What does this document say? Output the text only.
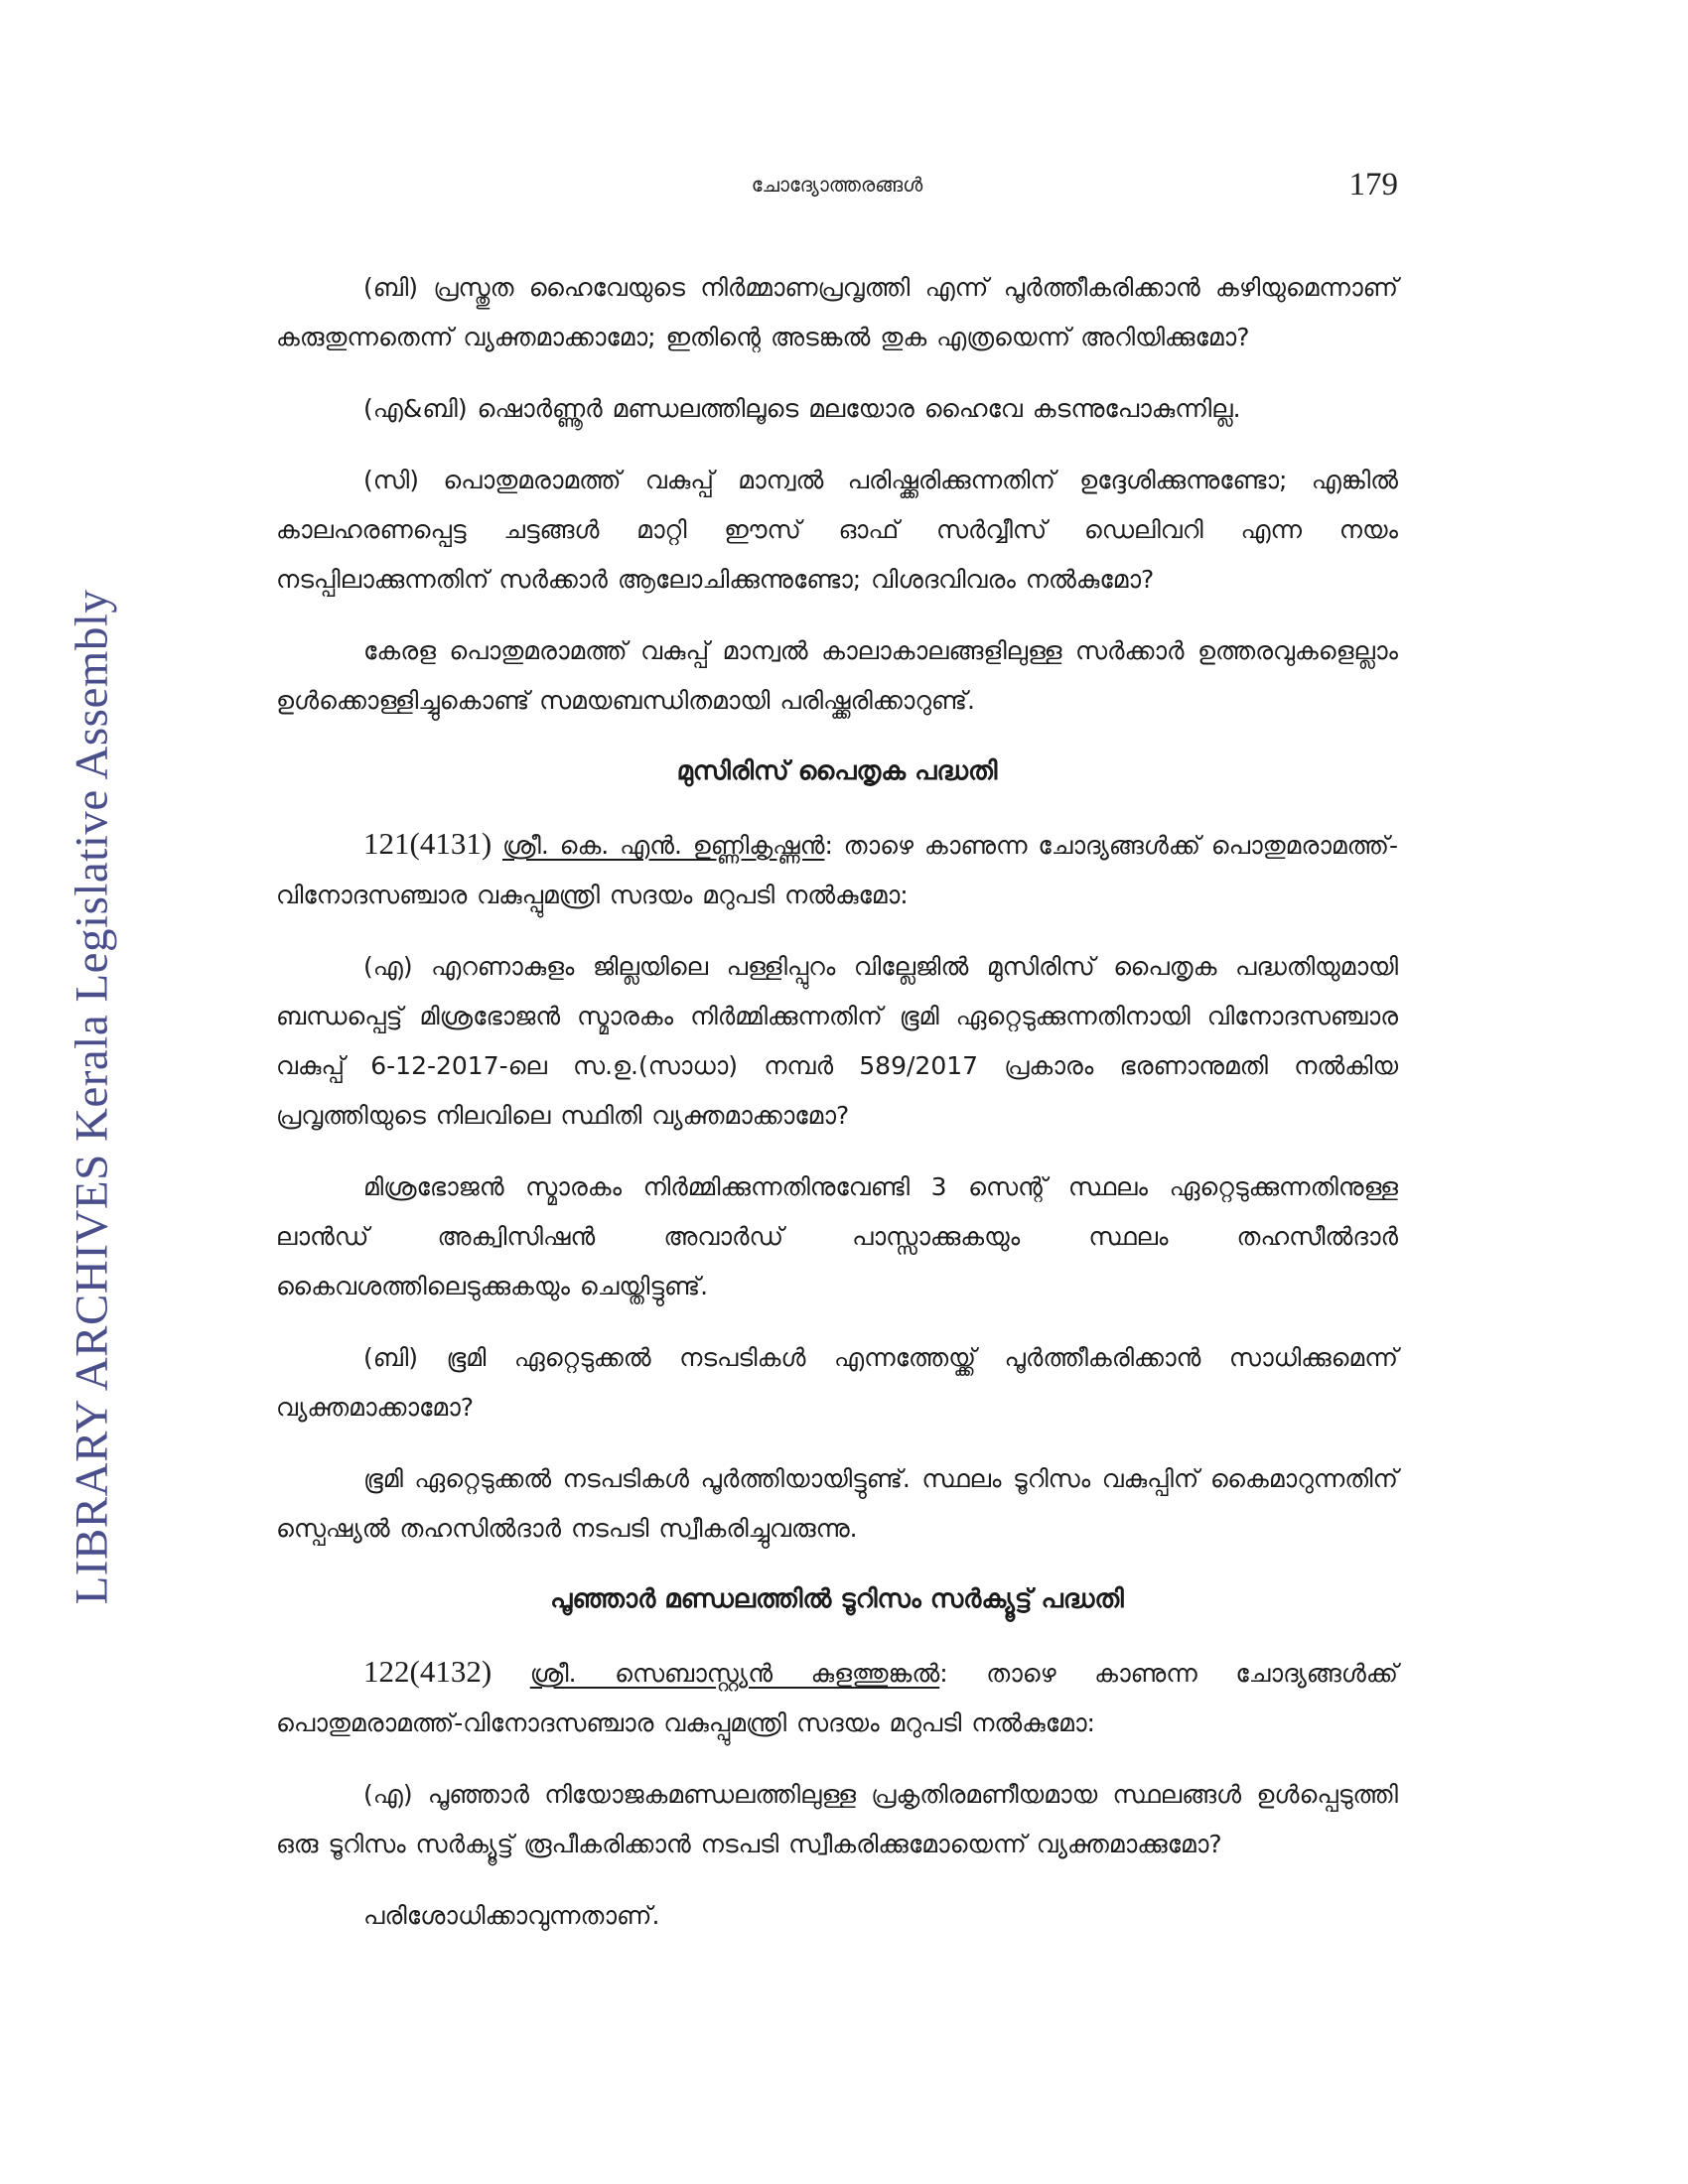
LIBRARY ARCHIVES Kerala Legislative Assembly
ചോദ്യോത്തരങ്ങൾ	179

(ബി) പ്രസ്തുത ഹൈവേയുടെ നിർമ്മാണപ്രവൃത്തി എന്ന് പൂർത്തീകരിക്കാൻ കഴിയുമെന്നാണ് കരുതുന്നതെന്ന് വ്യക്തമാക്കാമോ; ഇതിന്റെ അടങ്കൽ തുക എത്രയെന്ന് അറിയിക്കുമോ?

(എ&ബി) ഷൊർണ്ണൂർ മണ്ഡലത്തിലൂടെ മലയോര ഹൈവേ കടന്നുപോകുന്നില്ല.

(സി) പൊതുമരാമത്ത് വകുപ്പ് മാന്വൽ പരിഷ്ക്കരിക്കുന്നതിന് ഉദ്ദേശിക്കുന്നുണ്ടോ; എങ്കിൽ കാലഹരണപ്പെട്ട ചട്ടങ്ങൾ മാറ്റി ഈസ് ഓഫ് സർവ്വീസ് ഡെലിവറി എന്ന നയം നടപ്പിലാക്കുന്നതിന് സർക്കാർ ആലോചിക്കുന്നുണ്ടോ; വിശദവിവരം നൽകുമോ?

കേരള പൊതുമരാമത്ത് വകുപ്പ് മാന്വൽ കാലാകാലങ്ങളിലുള്ള സർക്കാർ ഉത്തരവുകളെല്ലാം ഉൾക്കൊള്ളിച്ചുകൊണ്ട് സമയബന്ധിതമായി പരിഷ്ക്കരിക്കാറുണ്ട്.

മുസിരിസ് പൈതൃക പദ്ധതി

121(4131) ശ്രീ. കെ. എൻ. ഉണ്ണികൃഷ്ണൻ: താഴെ കാണുന്ന ചോദ്യങ്ങൾക്ക് പൊതുമരാമത്ത്-വിനോദസഞ്ചാര വകുപ്പുമന്ത്രി സദയം മറുപടി നൽകുമോ:

(എ) എറണാകുളം ജില്ലയിലെ പള്ളിപ്പുറം വില്ലേജിൽ മുസിരിസ് പൈതൃക പദ്ധതിയുമായി ബന്ധപ്പെട്ട് മിശ്രഭോജൻ സ്മാരകം നിർമ്മിക്കുന്നതിന് ഭൂമി ഏറ്റെടുക്കുന്നതിനായി വിനോദസഞ്ചാര വകുപ്പ് 6-12-2017-ലെ സ.ഉ.(സാധാ) നമ്പർ 589/2017 പ്രകാരം ഭരണാനുമതി നൽകിയ പ്രവൃത്തിയുടെ നിലവിലെ സ്ഥിതി വ്യക്തമാക്കാമോ?

മിശ്രഭോജൻ സ്മാരകം നിർമ്മിക്കുന്നതിനുവേണ്ടി 3 സെന്റ് സ്ഥലം ഏറ്റെടുക്കുന്നതിനുള്ള ലാൻഡ് അക്വിസിഷൻ അവാർഡ് പാസ്സാക്കുകയും സ്ഥലം തഹസീൽദാർ കൈവശത്തിലെടുക്കുകയും ചെയ്തിട്ടുണ്ട്.

(ബി) ഭൂമി ഏറ്റെടുക്കൽ നടപടികൾ എന്നത്തേയ്ക്ക് പൂർത്തീകരിക്കാൻ സാധിക്കുമെന്ന് വ്യക്തമാക്കാമോ?

ഭൂമി ഏറ്റെടുക്കൽ നടപടികൾ പൂർത്തിയായിട്ടുണ്ട്. സ്ഥലം ടൂറിസം വകുപ്പിന് കൈമാറുന്നതിന് സ്പെഷ്യൽ തഹസിൽദാർ നടപടി സ്വീകരിച്ചുവരുന്നു.

പൂഞ്ഞാർ മണ്ഡലത്തിൽ ടൂറിസം സർക്യൂട്ട് പദ്ധതി

122(4132) ശ്രീ. സെബാസ്റ്റ്യൻ കുളത്തുങ്കൽ: താഴെ കാണുന്ന ചോദ്യങ്ങൾക്ക് പൊതുമരാമത്ത്-വിനോദസഞ്ചാര വകുപ്പുമന്ത്രി സദയം മറുപടി നൽകുമോ:

(എ) പൂഞ്ഞാർ നിയോജകമണ്ഡലത്തിലുള്ള പ്രകൃതിരമണീയമായ സ്ഥലങ്ങൾ ഉൾപ്പെടുത്തി ഒരു ടൂറിസം സർക്യൂട്ട് രൂപീകരിക്കാൻ നടപടി സ്വീകരിക്കുമോയെന്ന് വ്യക്തമാക്കുമോ?

പരിശോധിക്കാവുന്നതാണ്.
